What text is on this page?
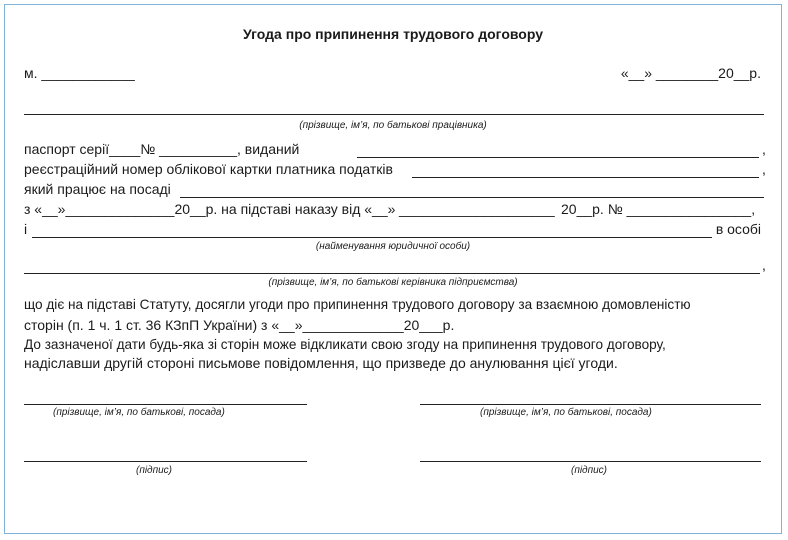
Угода про припинення трудового договору
м. ____________	«__» ________20__р.
(прізвище, ім’я, по батькові працівника)
паспорт серії____№ __________, виданий	,
реєстраційний номер облікової картки платника податків	,
який працює на посаді
з «__»______________20__р. на підставі наказу від «__» ____________________ 20__р. № ________________,
і	в особі
(найменування юридичної особи)
,
(прізвище, ім’я, по батькові керівника підприємства)
що діє на підставі Статуту, досягли угоди про припинення трудового договору за взаємною домовленістю
сторін (п. 1 ч. 1 ст. 36 КЗпП України) з «__»_____________20___р.
До зазначеної дати будь-яка зі сторін може відкликати свою згоду на припинення трудового договору,
надіславши другій стороні письмове повідомлення, що призведе до анулювання цієї угоди.
(прізвище, ім’я, по батькові, посада)	(прізвище, ім’я, по батькові, посада)
(підпис)	(підпис)
